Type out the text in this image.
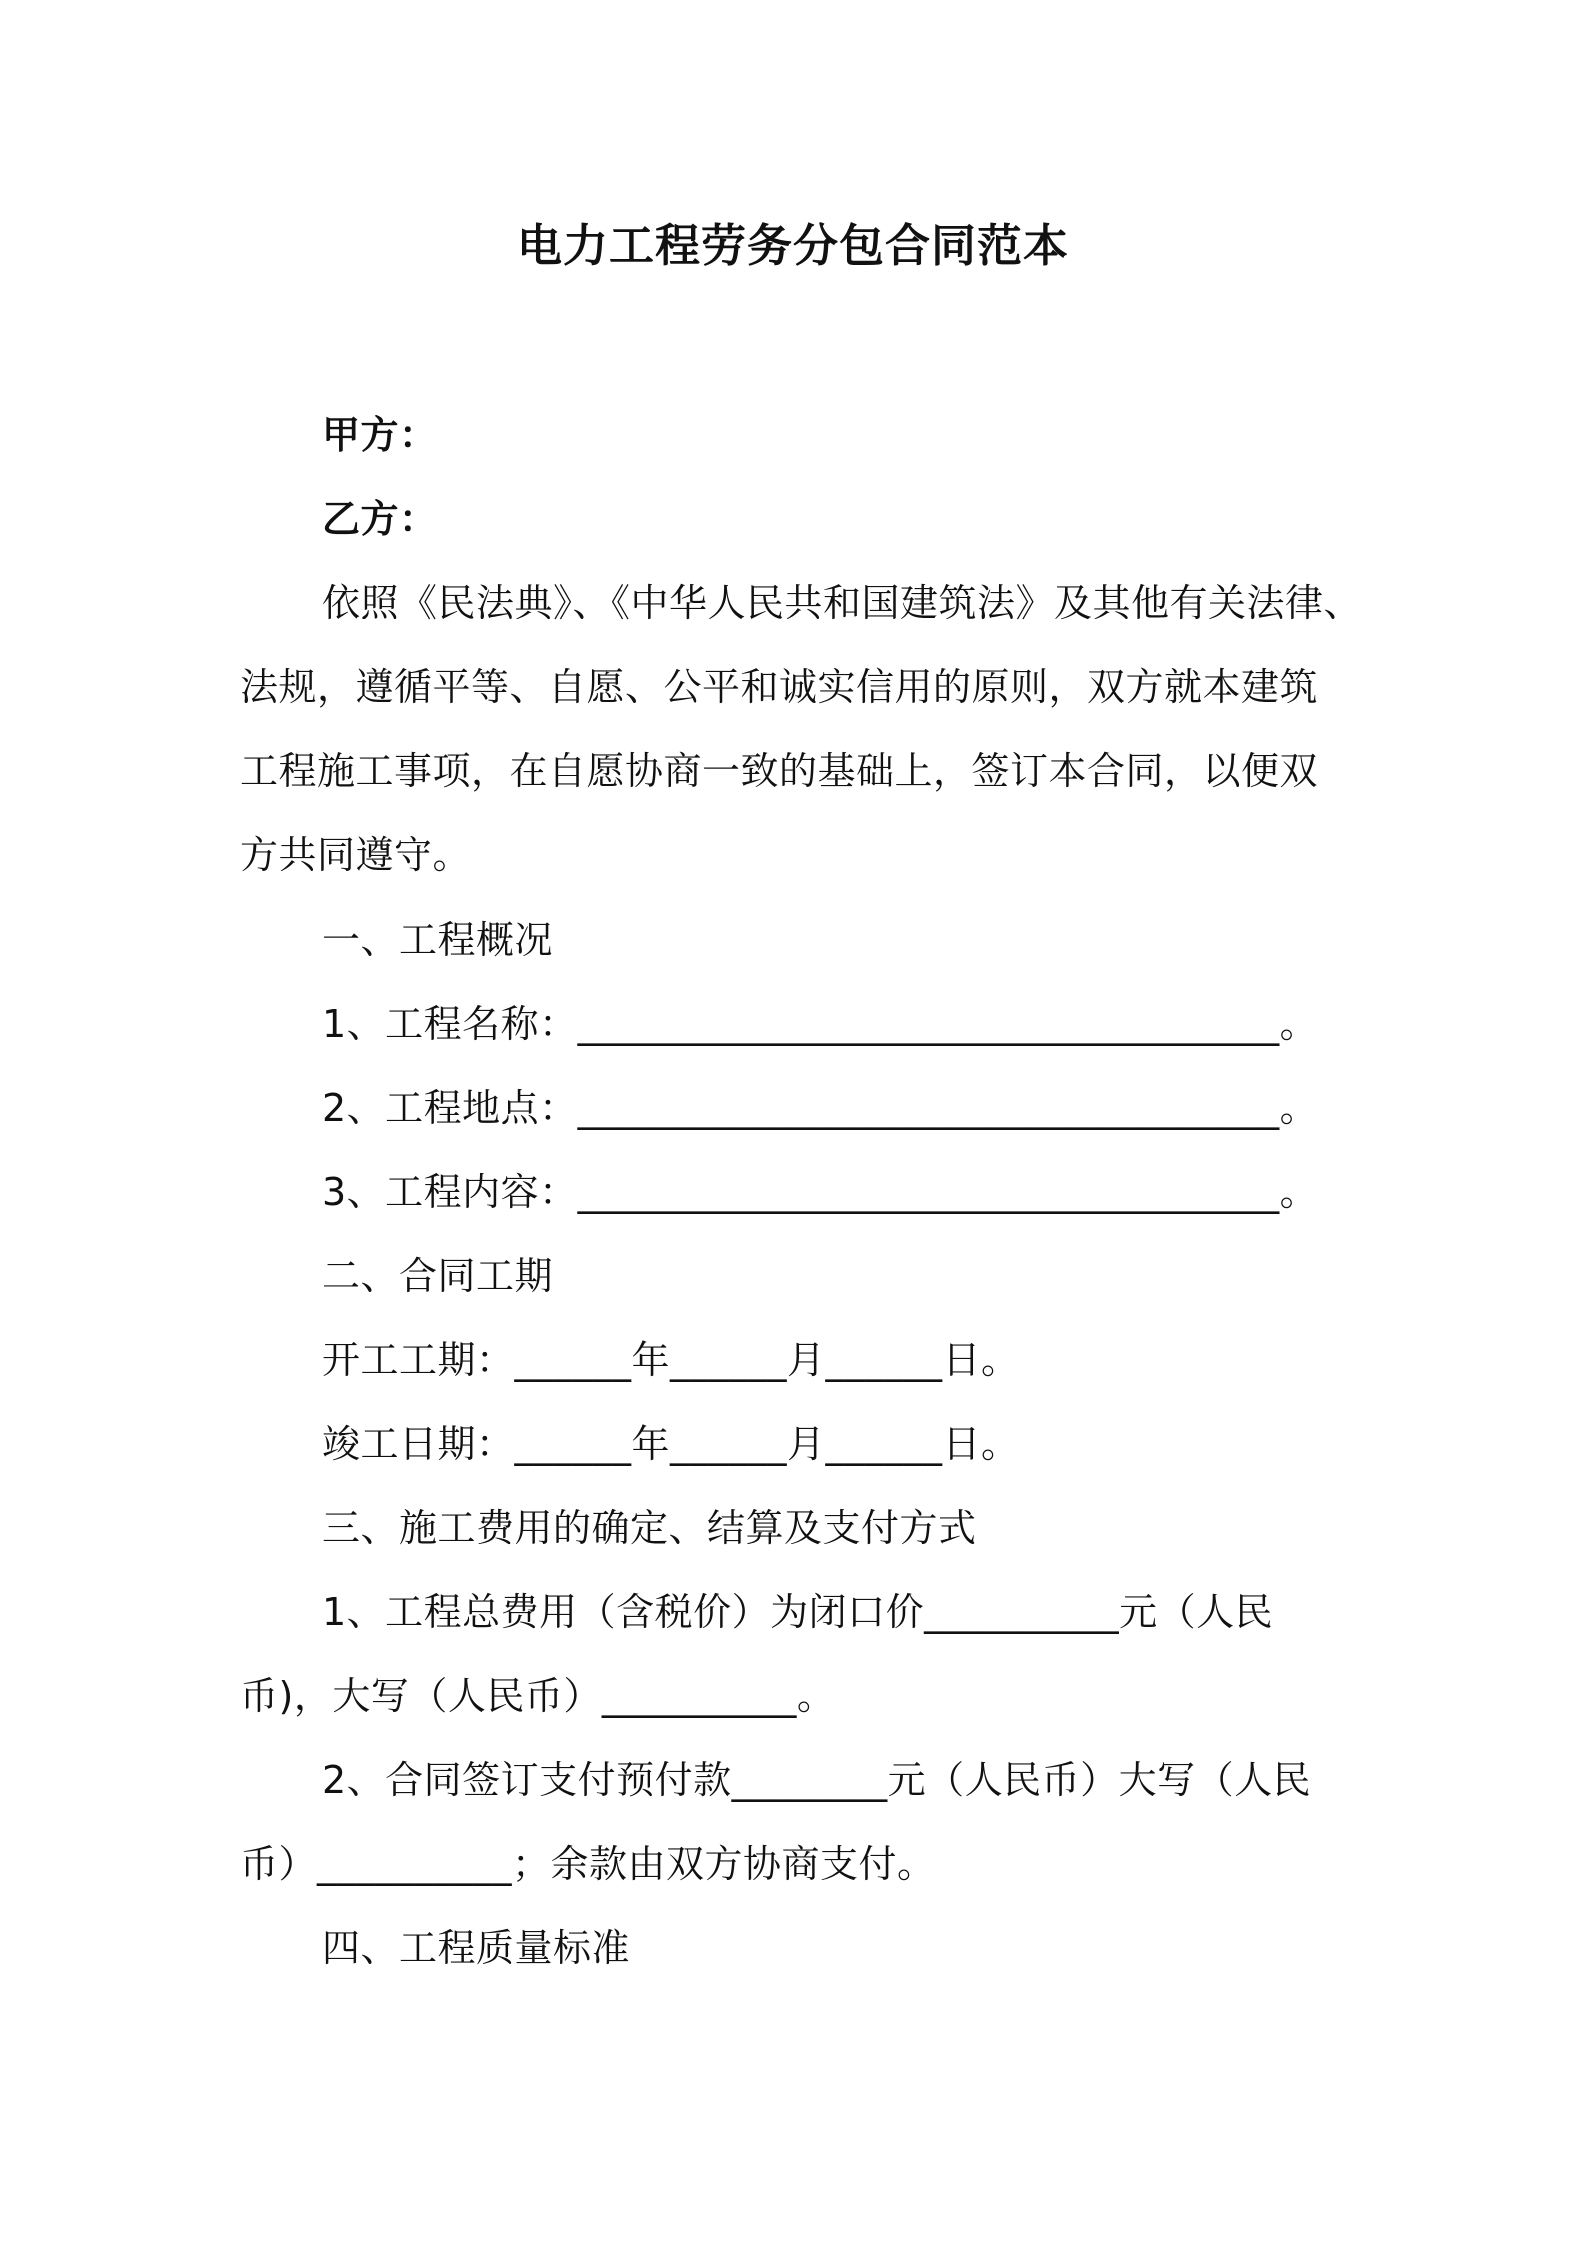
电力工程劳务分包合同范本
甲方：
乙方：
依照《民法典》、《中华人民共和国建筑法》及其他有关法律、
法规，遵循平等、自愿、公平和诚实信用的原则，双方就本建筑
工程施工事项，在自愿协商一致的基础上，签订本合同，以便双
方共同遵守。
一、工程概况
1、工程名称：____________________________________。
2、工程地点：____________________________________。
3、工程内容：____________________________________。
二、合同工期
开工工期：______年______月______日。
竣工日期：______年______月______日。
三、施工费用的确定、结算及支付方式
1、工程总费用（含税价）为闭口价__________元（人民
币)，大写（人民币）__________。
2、合同签订支付预付款________元（人民币）大写（人民
币）__________；余款由双方协商支付。
四、工程质量标准
